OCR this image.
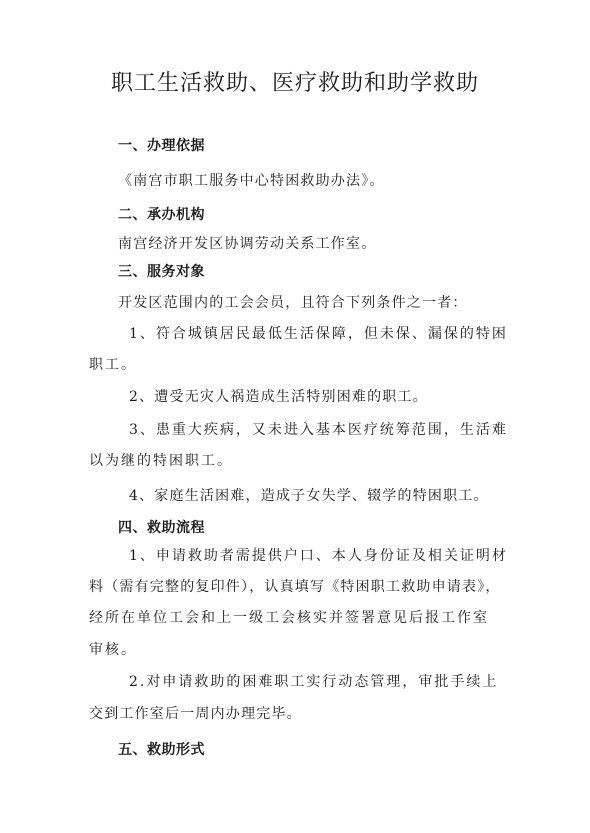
职工生活救助、医疗救助和助学救助
一、办理依据
《南宫市职工服务中心特困救助办法》。
二、承办机构
南宫经济开发区协调劳动关系工作室。
三、服务对象
开发区范围内的工会会员，且符合下列条件之一者：
1、符合城镇居民最低生活保障，但未保、漏保的特困
职工。
2、遭受无灾人祸造成生活特别困难的职工。
3、患重大疾病，又未进入基本医疗统筹范围，生活难
以为继的特困职工。
4、家庭生活困难，造成子女失学、辍学的特困职工。
四、救助流程
1、申请救助者需提供户口、本人身份证及相关证明材
料（需有完整的复印件），认真填写《特困职工救助申请表》，
经所在单位工会和上一级工会核实并签署意见后报工作室
审核。
2.对申请救助的困难职工实行动态管理，审批手续上
交到工作室后一周内办理完毕。
五、救助形式
